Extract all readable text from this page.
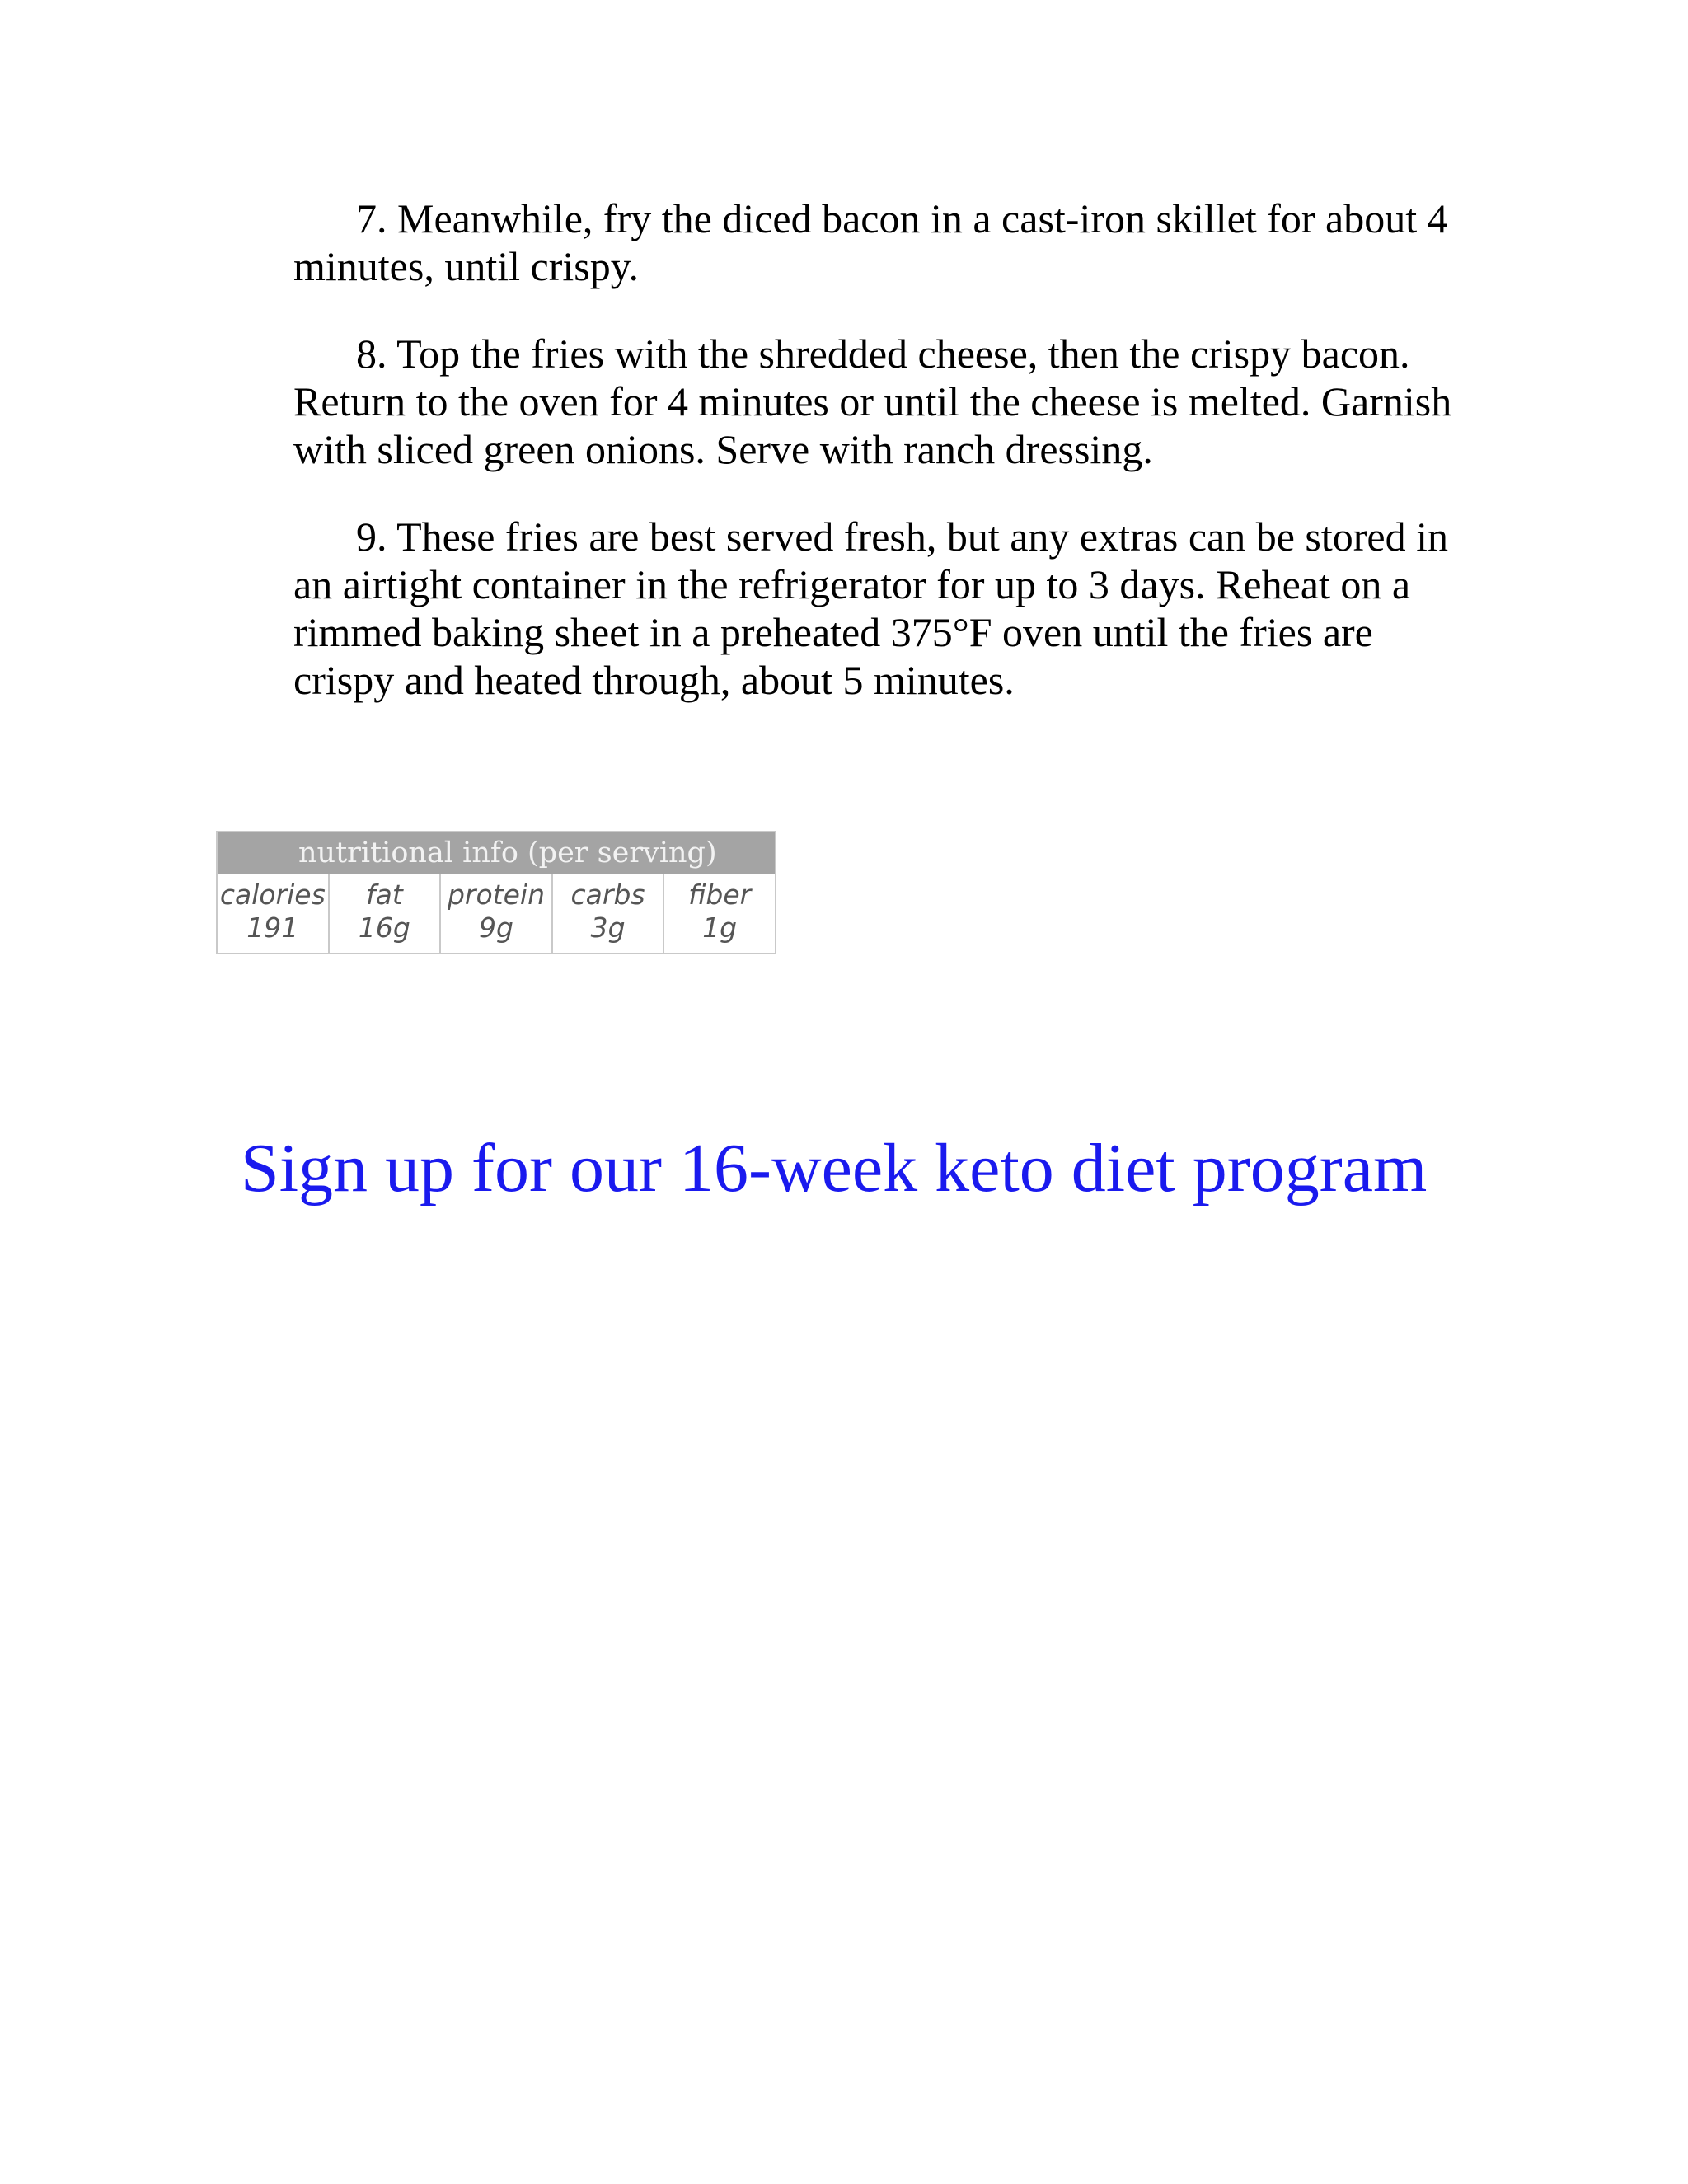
7. Meanwhile, fry the diced bacon in a cast-iron skillet for about 4 minutes, until crispy.

8. Top the fries with the shredded cheese, then the crispy bacon. Return to the oven for 4 minutes or until the cheese is melted. Garnish with sliced green onions. Serve with ranch dressing.

9. These fries are best served fresh, but any extras can be stored in an airtight container in the refrigerator for up to 3 days. Reheat on a rimmed baking sheet in a preheated 375°F oven until the fries are crispy and heated through, about 5 minutes.

nutritional info (per serving)
calories
191
fat
16g
protein
9g
carbs
3g
fiber
1g
Sign up for our 16-week keto diet program
